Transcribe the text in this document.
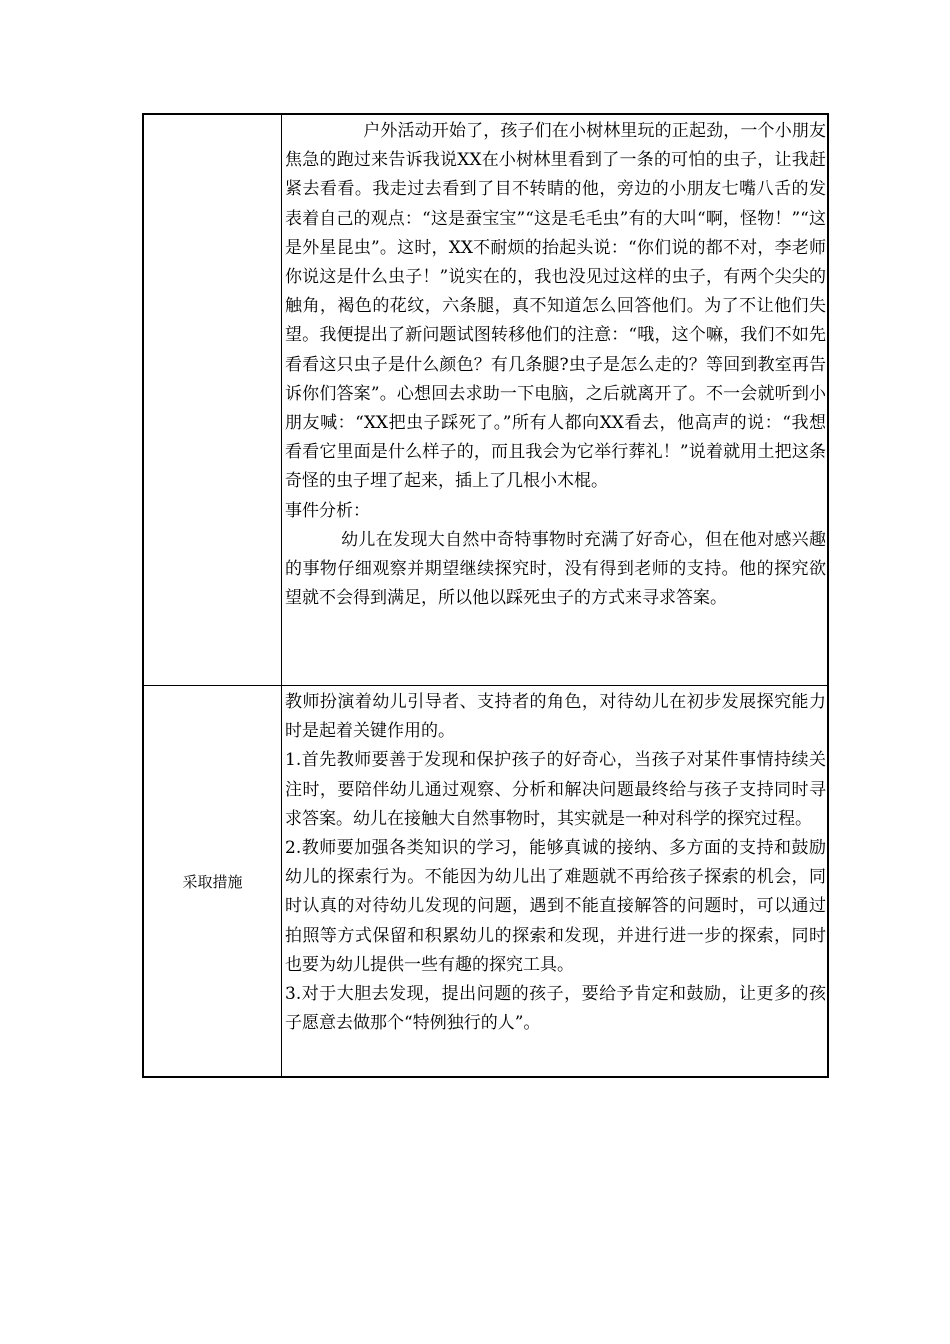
	户外活动开始了，孩子们在小树林里玩的正起劲，一个小朋友焦急的跑过来告诉我说XX在小树林里看到了一条的可怕的虫子，让我赶紧去看看。我走过去看到了目不转睛的他，旁边的小朋友七嘴八舌的发表着自己的观点：“这是蚕宝宝”“这是毛毛虫”有的大叫“啊，怪物！”“这是外星昆虫”。这时，XX不耐烦的抬起头说：“你们说的都不对，李老师你说这是什么虫子！”说实在的，我也没见过这样的虫子，有两个尖尖的触角，褐色的花纹，六条腿，真不知道怎么回答他们。为了不让他们失望。我便提出了新问题试图转移他们的注意：“哦，这个嘛，我们不如先看看这只虫子是什么颜色？有几条腿?虫子是怎么走的？等回到教室再告诉你们答案”。心想回去求助一下电脑，之后就离开了。不一会就听到小朋友喊：“XX把虫子踩死了。”所有人都向XX看去，他高声的说：“我想看看它里面是什么样子的，而且我会为它举行葬礼！”说着就用土把这条奇怪的虫子埋了起来，插上了几根小木棍。

事件分析：

幼儿在发现大自然中奇特事物时充满了好奇心，但在他对感兴趣的事物仔细观察并期望继续探究时，没有得到老师的支持。他的探究欲望就不会得到满足，所以他以踩死虫子的方式来寻求答案。

采取措施	教师扮演着幼儿引导者、支持者的角色，对待幼儿在初步发展探究能力时是起着关键作用的。

1.首先教师要善于发现和保护孩子的好奇心，当孩子对某件事情持续关注时，要陪伴幼儿通过观察、分析和解决问题最终给与孩子支持同时寻求答案。幼儿在接触大自然事物时，其实就是一种对科学的探究过程。

2.教师要加强各类知识的学习，能够真诚的接纳、多方面的支持和鼓励幼儿的探索行为。不能因为幼儿出了难题就不再给孩子探索的机会，同时认真的对待幼儿发现的问题，遇到不能直接解答的问题时，可以通过拍照等方式保留和积累幼儿的探索和发现，并进行进一步的探索，同时也要为幼儿提供一些有趣的探究工具。

3.对于大胆去发现，提出问题的孩子，要给予肯定和鼓励，让更多的孩子愿意去做那个“特例独行的人”。
